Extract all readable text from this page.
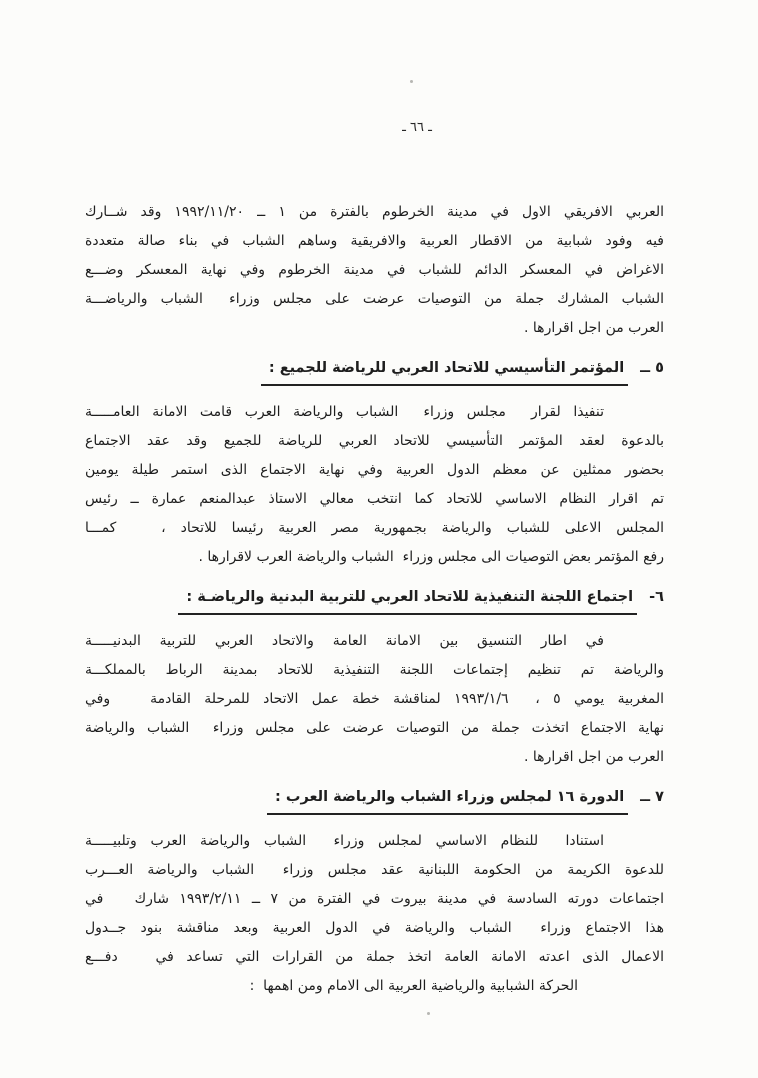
ـ ٦٦ ـ
العربي الافريقي الاول في مدينة الخرطوم بالفترة من ١ ــ ١٩٩٢/١١/٢٠ وقد شــارك
فيه وفود شبابية من الاقطار العربية والافريقية وساهم الشباب في بناء صالة متعددة
الاغراض في المعسكر الدائم للشباب في مدينة الخرطوم وفي نهاية المعسكر وضـــع
الشباب المشارك جملة من التوصيات عرضت على مجلس وزراء  الشباب والرياضـــة
العرب من اجل اقرارها .
٥ ــ
المؤتمر التأسيسي للاتحاد العربي للرياضة للجميع :
تنفيذا لقرار  مجلس وزراء  الشباب والرياضة العرب قامت الامانة العامـــــة
بالدعوة لعقد المؤتمر التأسيسي للاتحاد العربي للرياضة للجميع وقد عقد الاجتماع
بحضور ممثلين عن معظم الدول العربية وفي نهاية الاجتماع الذى استمر طيلة يومين
تم اقرار النظام الاساسي للاتحاد كما انتخب معالي الاستاذ عبدالمنعم عمارة ــ رئيس
المجلس الاعلى للشباب والرياضة بجمهورية مصر العربية رئيسا للاتحاد ،   كمـــا
رفع المؤتمر بعض التوصيات الى مجلس وزراء  الشباب والرياضة العرب لاقرارها .
٦-
اجتماع اللجنة التنفيذية للاتحاد العربي للتربية البدنية والرياضـة :
في اطار التنسيق بين الامانة العامة والاتحاد العربي للتربية البدنيـــــة
والرياضة تم تنظيم إجتماعات اللجنة التنفيذية للاتحاد بمدينة الرباط بالمملكـــة
المغربية يومي ٥ ،  ١٩٩٣/١/٦ لمناقشة خطة عمل الاتحاد للمرحلة القادمة   وفي
نهاية الاجتماع اتخذت جملة من التوصيات عرضت على مجلس وزراء  الشباب والرياضة
العرب من اجل اقرارها .
٧ ــ
الدورة ١٦ لمجلس وزراء الشباب والرياضة العرب :
استنادا  للنظام الاساسي لمجلس وزراء  الشباب والرياضة العرب وتلبيـــــة
للدعوة الكريمة من الحكومة اللبنانية عقد مجلس وزراء  الشباب والرياضة العـــرب
اجتماعات دورته السادسة في مدينة بيروت في الفترة من ٧ ــ ١٩٩٣/٢/١١ شارك   في
هذا الاجتماع وزراء  الشباب والرياضة في الدول العربية وبعد مناقشة بنود جــدول
الاعمال الذى اعدته الامانة العامة اتخذ جملة من القرارات التي تساعد في   دفـــع
الحركة الشبابية والرياضية العربية الى الامام ومن اهمها  :
